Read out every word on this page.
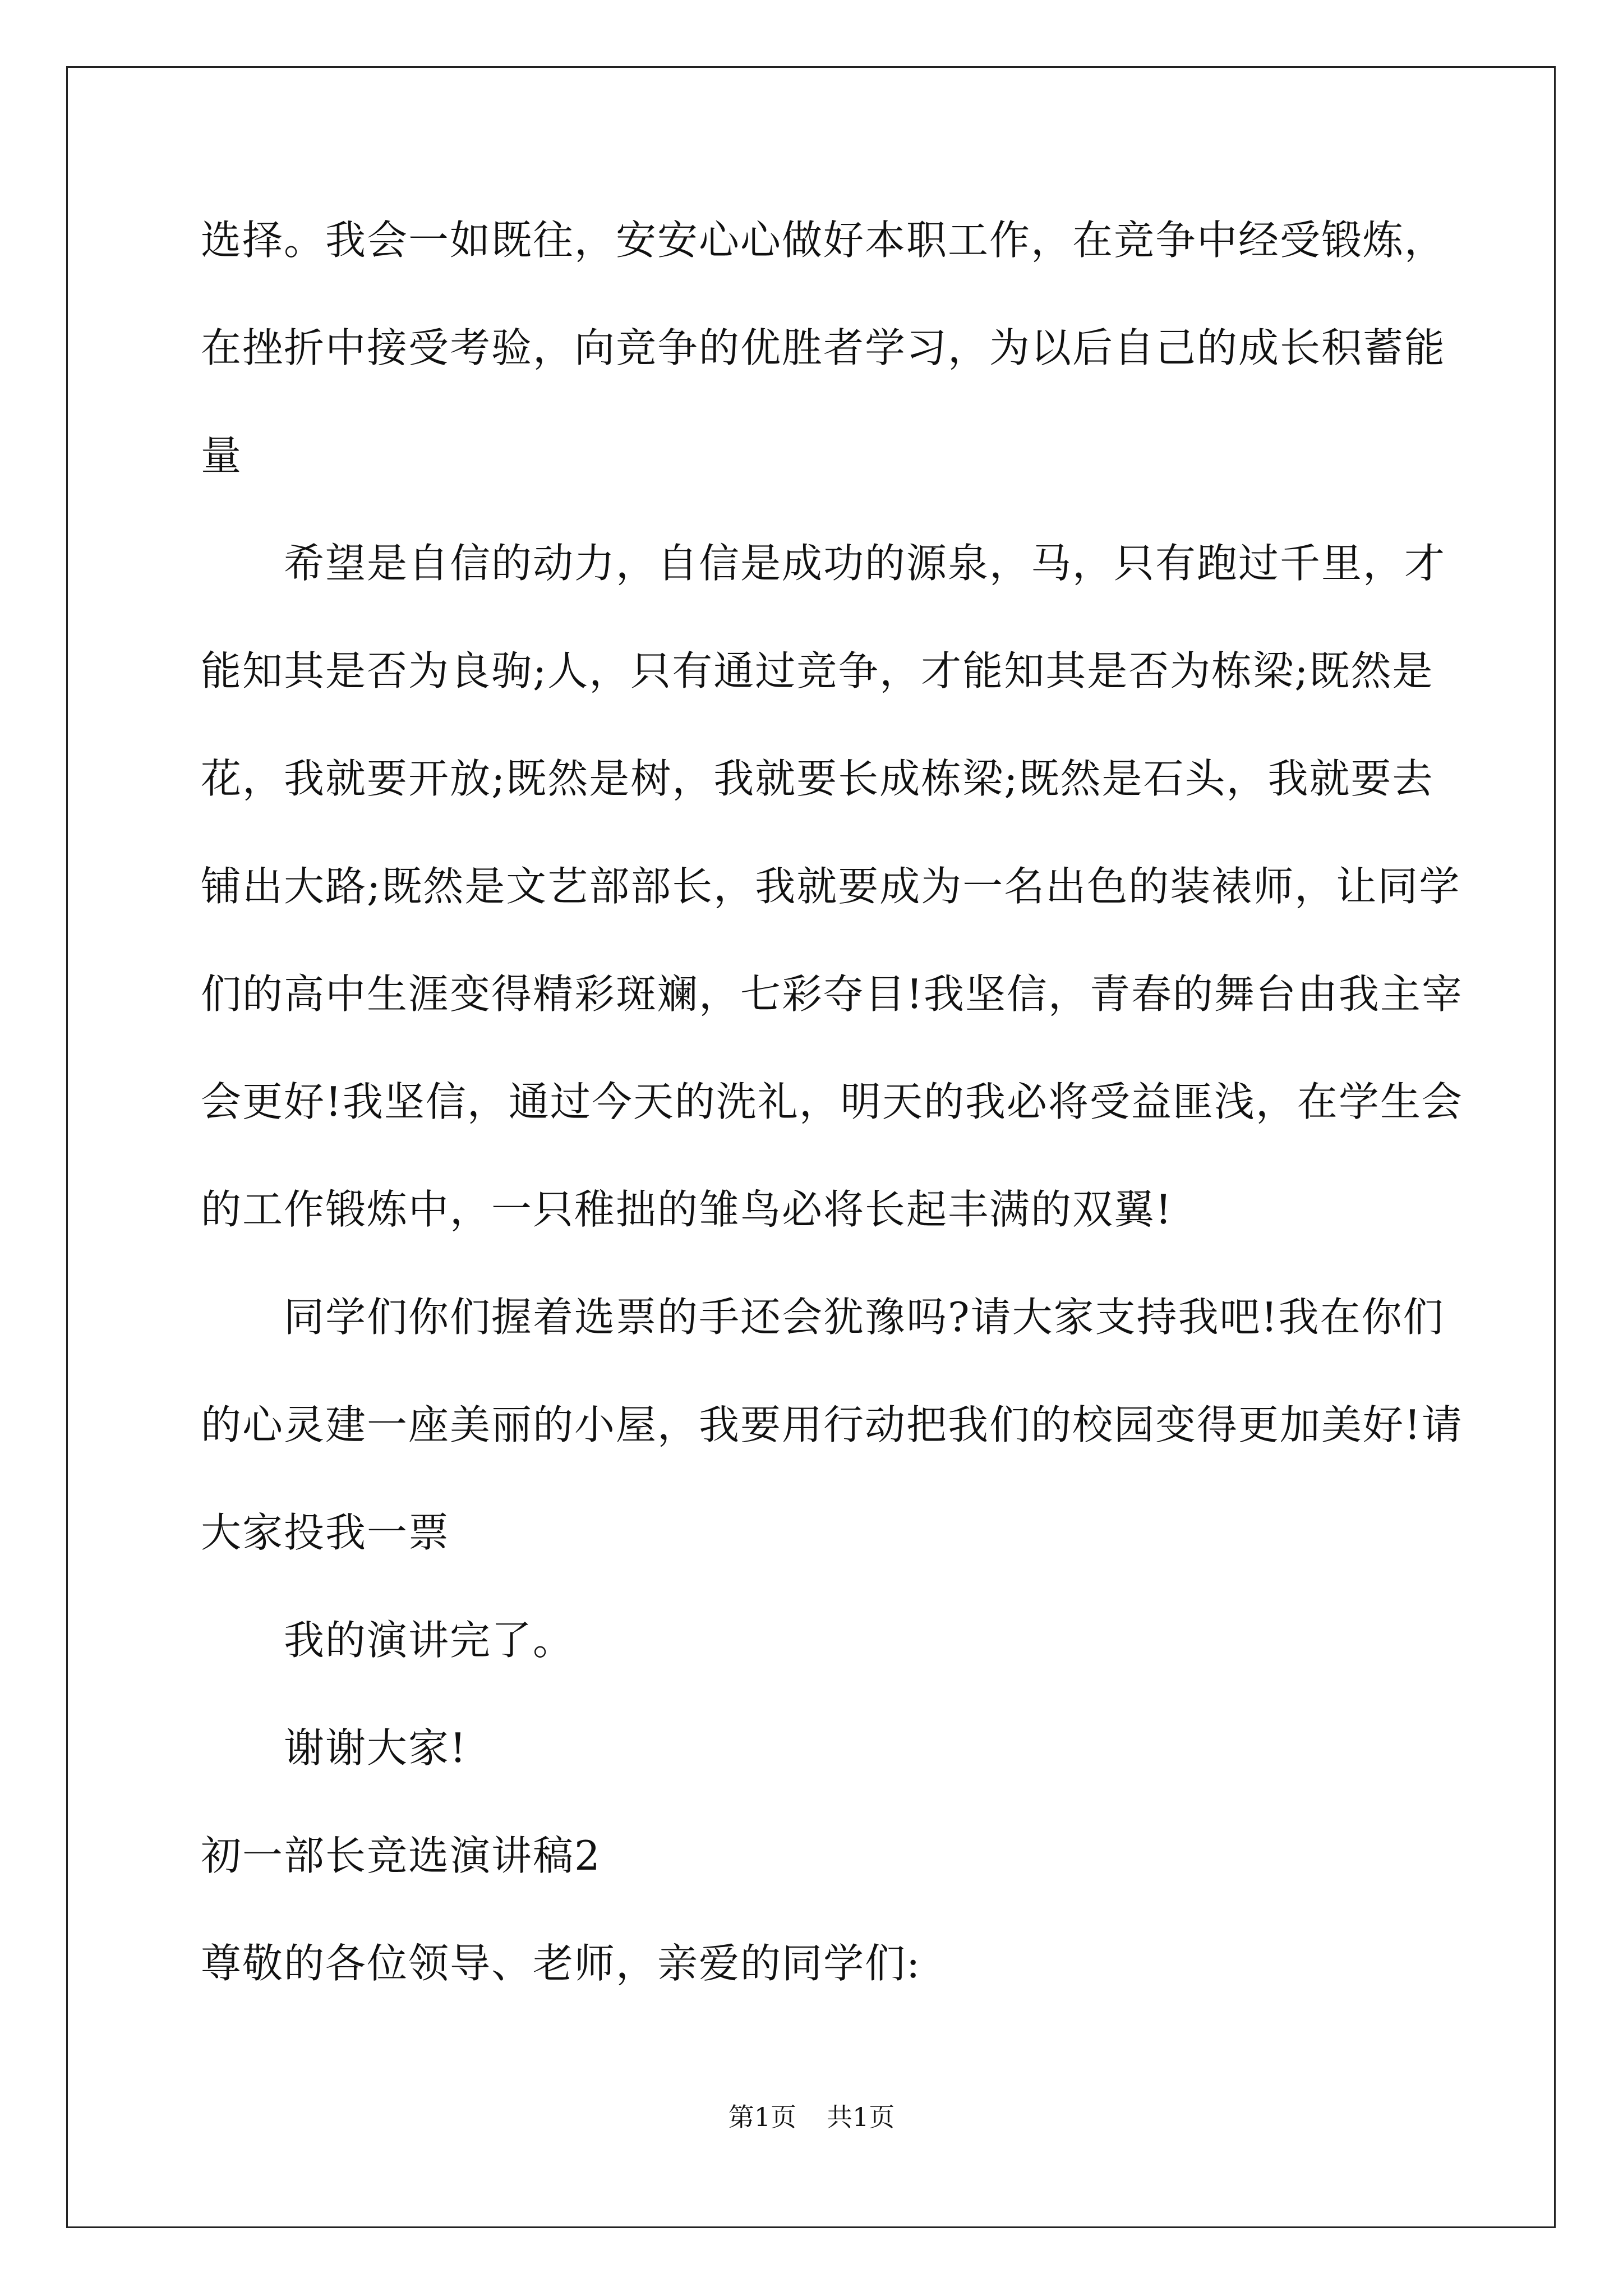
选择。我会一如既往，安安心心做好本职工作，在竞争中经受锻炼，
在挫折中接受考验，向竞争的优胜者学习，为以后自己的成长积蓄能
量
希望是自信的动力，自信是成功的源泉，马，只有跑过千里，才
能知其是否为良驹;人，只有通过竞争，才能知其是否为栋梁;既然是
花，我就要开放;既然是树，我就要长成栋梁;既然是石头，我就要去
铺出大路;既然是文艺部部长，我就要成为一名出色的装裱师，让同学
们的高中生涯变得精彩斑斓，七彩夺目!我坚信，青春的舞台由我主宰
会更好!我坚信，通过今天的洗礼，明天的我必将受益匪浅，在学生会
的工作锻炼中，一只稚拙的雏鸟必将长起丰满的双翼!
同学们你们握着选票的手还会犹豫吗?请大家支持我吧!我在你们
的心灵建一座美丽的小屋，我要用行动把我们的校园变得更加美好!请
大家投我一票
我的演讲完了。
谢谢大家!
初一部长竞选演讲稿2
尊敬的各位领导、老师，亲爱的同学们:
第1页 共1页
